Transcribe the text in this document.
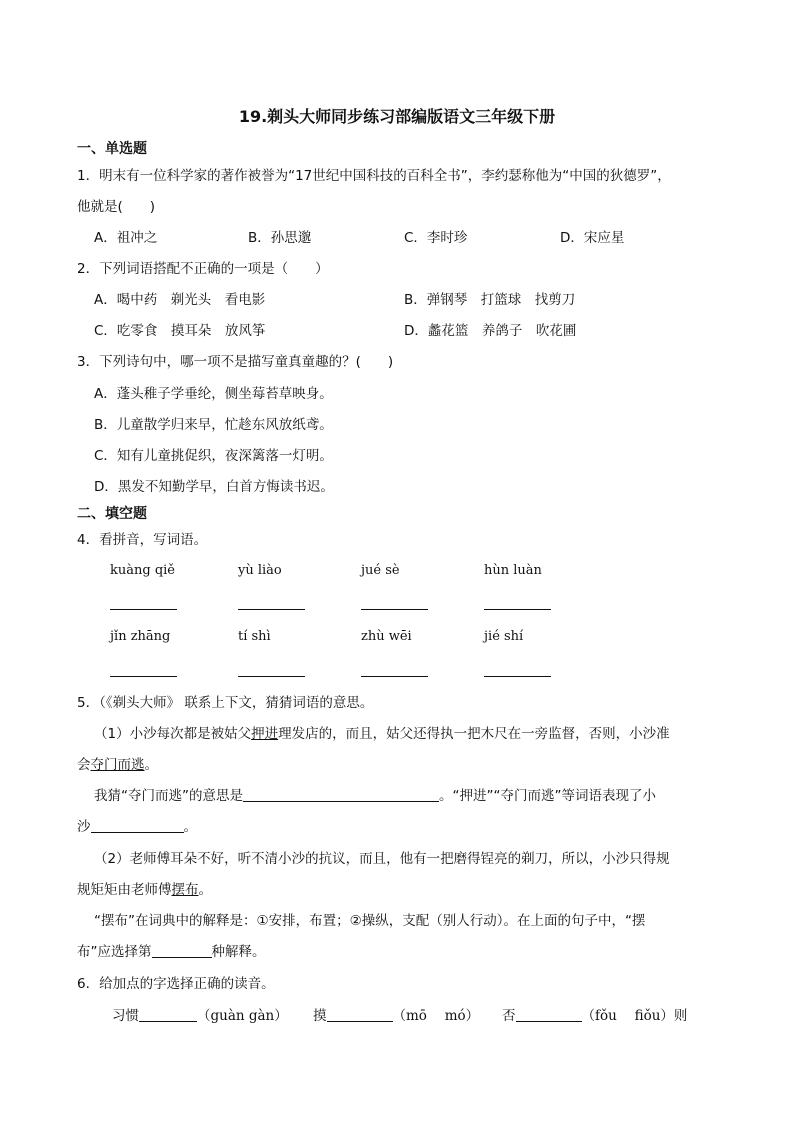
19.剃头大师同步练习部编版语文三年级下册
一、单选题
1．明末有一位科学家的著作被誉为“17世纪中国科技的百科全书”，李约瑟称他为“中国的狄德罗”，
他就是(　　)
A．祖冲之	B．孙思邈	C．李时珍	D．宋应星
2．下列词语搭配不正确的一项是（　　）
A．喝中药　剃光头　看电影	B．弹钢琴　打篮球　找剪刀
C．吃零食　摸耳朵　放风筝	D．蠡花篮　养鸽子　吹花圃
3．下列诗句中，哪一项不是描写童真童趣的？(　　)
A．蓬头稚子学垂纶，侧坐莓苔草映身。
B．儿童散学归来早，忙趁东风放纸鸢。
C．知有儿童挑促织，夜深篱落一灯明。
D．黑发不知勤学早，白首方悔读书迟。
二、填空题
4．看拼音，写词语。
kuàng qiě	yù liào	jué sè	hùn luàn
jǐn zhāng	tí shì	zhù wēi	jié shí
5．（《剃头大师》 联系上下文，猜猜词语的意思。
（1）小沙每次都是被姑父押进理发店的，而且，姑父还得执一把木尺在一旁监督，否则，小沙准
会夺门而逃。
我猜“夺门而逃”的意思是	。“押进”“夺门而逃”等词语表现了小
沙	。
（2）老师傅耳朵不好，听不清小沙的抗议，而且，他有一把磨得锃亮的剃刀，所以，小沙只得规
规矩矩由老师傅摆布。
“摆布”在词典中的解释是：①安排，布置；②操纵，支配（别人行动）。在上面的句子中，“摆
布”应选择第	种解释。
6．给加点的字选择正确的读音。
习惯	（guàn gàn） 摸	（mō　 mó） 否	（fǒu　 fiǒu）则
